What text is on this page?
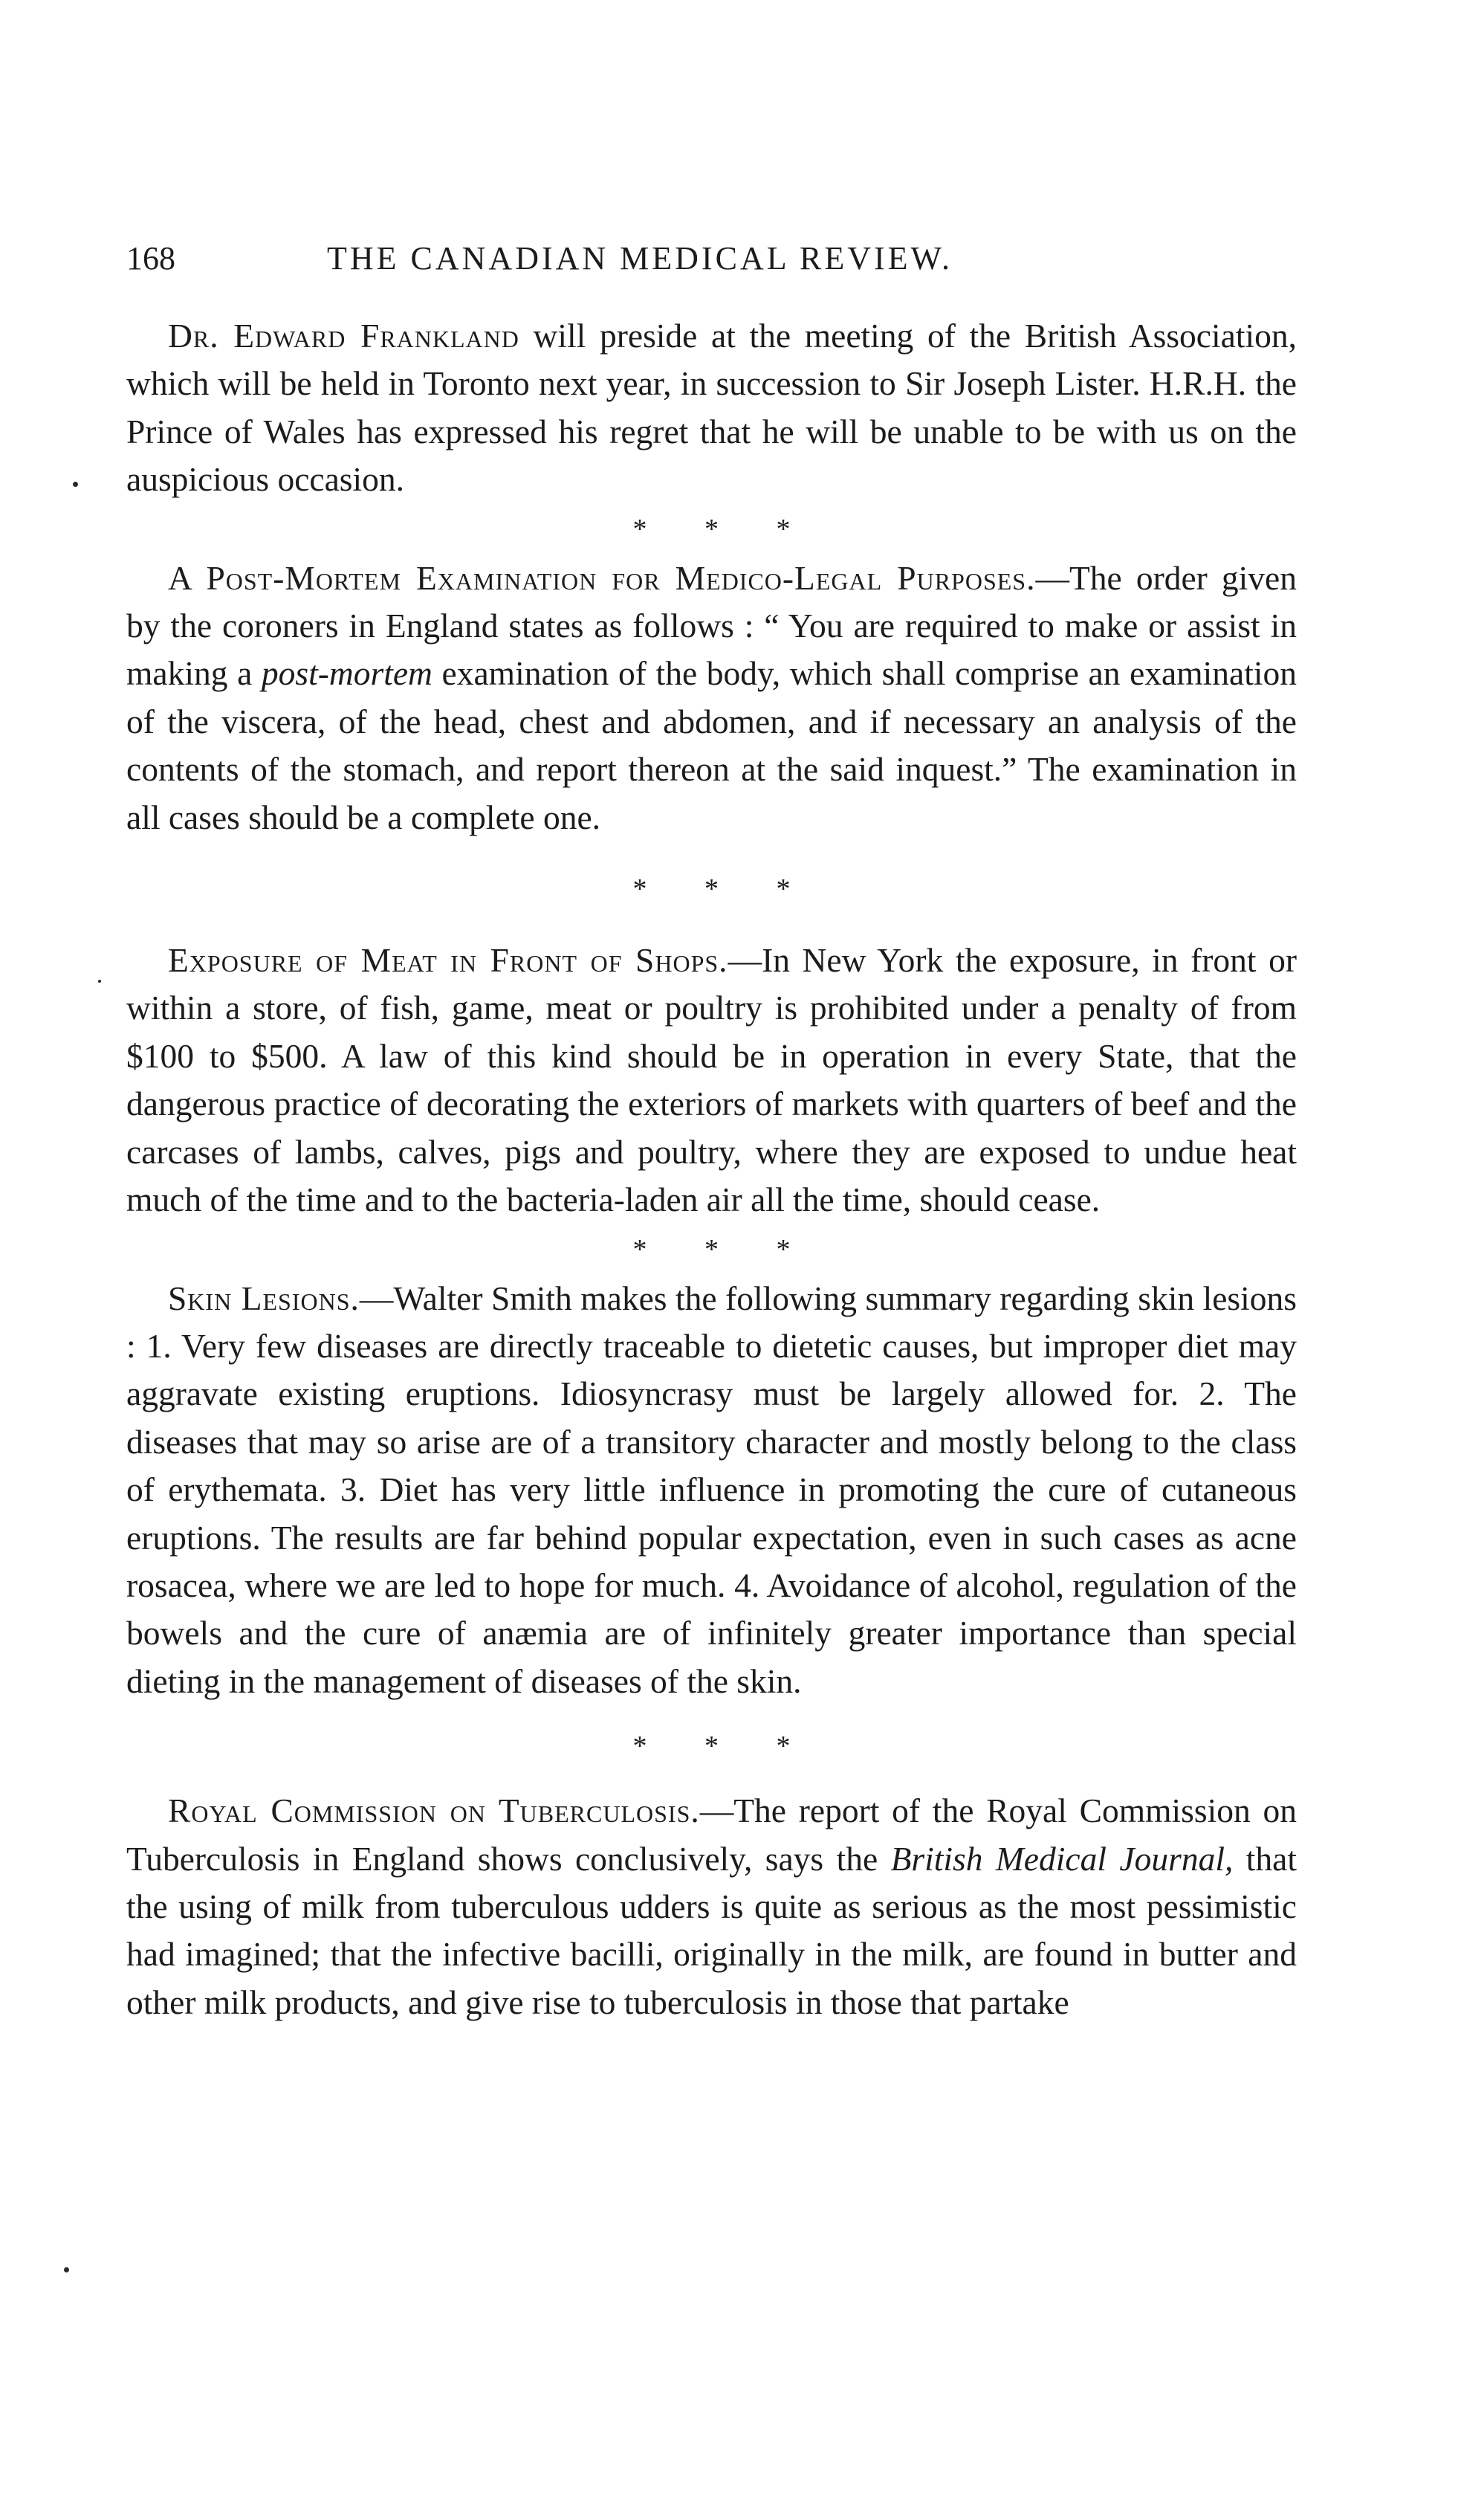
168	THE CANADIAN MEDICAL REVIEW.

Dr. Edward Frankland will preside at the meeting of the British Association, which will be held in Toronto next year, in succession to Sir Joseph Lister. H.R.H. the Prince of Wales has expressed his regret that he will be unable to be with us on the auspicious occasion.

* * *

A Post-Mortem Examination for Medico-Legal Purposes.—The order given by the coroners in England states as follows : “ You are required to make or assist in making a post-mortem examination of the body, which shall comprise an examination of the viscera, of the head, chest and abdomen, and if necessary an analysis of the contents of the stomach, and report thereon at the said inquest.” The examination in all cases should be a complete one.

* * *

Exposure of Meat in Front of Shops.—In New York the exposure, in front or within a store, of fish, game, meat or poultry is prohibited under a penalty of from $100 to $500. A law of this kind should be in operation in every State, that the dangerous practice of decorating the exteriors of markets with quarters of beef and the carcases of lambs, calves, pigs and poultry, where they are exposed to undue heat much of the time and to the bacteria-laden air all the time, should cease.

* * *

Skin Lesions.—Walter Smith makes the following summary regarding skin lesions : 1. Very few diseases are directly traceable to dietetic causes, but improper diet may aggravate existing eruptions. Idiosyncrasy must be largely allowed for. 2. The diseases that may so arise are of a transitory character and mostly belong to the class of erythemata. 3. Diet has very little influence in promoting the cure of cutaneous eruptions. The results are far behind popular expectation, even in such cases as acne rosacea, where we are led to hope for much. 4. Avoidance of alcohol, regulation of the bowels and the cure of anæmia are of infinitely greater importance than special dieting in the management of diseases of the skin.

* * *

Royal Commission on Tuberculosis.—The report of the Royal Commission on Tuberculosis in England shows conclusively, says the British Medical Journal, that the using of milk from tuberculous udders is quite as serious as the most pessimistic had imagined; that the infective bacilli, originally in the milk, are found in butter and other milk products, and give rise to tuberculosis in those that partake
